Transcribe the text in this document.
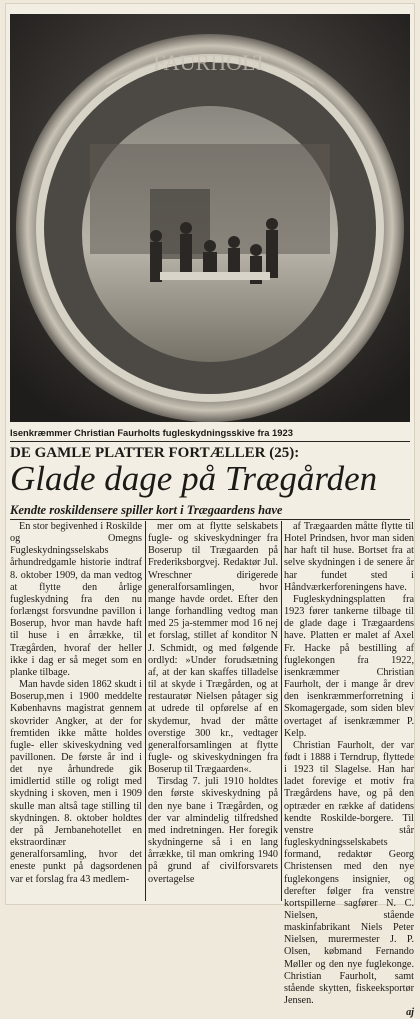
FAURHOLT
Isenkræmmer Christian Faurholts fugleskydningsskive fra 1923
DE GAMLE PLATTER FORTÆLLER (25):
Glade dage på Trægården
Kendte roskildensere spiller kort i Trægaardens have

En stor begivenhed i Roskilde og Omegns Fugleskydningsselskabs århundredgamle historie indtraf 8. oktober 1909, da man vedtog at flytte den årlige fugleskydning fra den nu forlængst forsvundne pavillon i Boserup, hvor man havde haft til huse i en årrække, til Trægården, hvoraf der heller ikke i dag er så meget som en planke tilbage.

Man havde siden 1862 skudt i Boserup,men i 1900 meddelte Københavns magistrat gennem skovrider Angker, at der for fremtiden ikke måtte holdes fugle- eller skiveskydning ved pavillonen. De første år ind i det nye århundrede gik imidlertid stille og roligt med skydning i skoven, men i 1909 skulle man altså tage stilling til skydningen. 8. oktober holdtes der på Jernbanehotellet en ekstraordinær generalforsamling, hvor det eneste punkt på dagsordenen var et forslag fra 43 medlem-

mer om at flytte selskabets fugle- og skiveskydninger fra Boserup til Trægaarden på Frederiksborgvej. Redaktør Jul. Wreschner dirigerede generalforsamlingen, hvor mange havde ordet. Efter den lange forhandling vedtog man med 25 ja-stemmer mod 16 nej et forslag, stillet af konditor N J. Schmidt, og med følgende ordlyd: »Under forudsætning af, at der kan skaffes tilladelse til at skyde i Trægården, og at restauratør Nielsen påtager sig at udrede til opførelse af en skydemur, hvad der måtte overstige 300 kr., vedtager generalforsamlingen at flytte fugle- og skiveskydningen fra Boserup til Trægaarden«.

Tirsdag 7. juli 1910 holdtes den første skiveskydning på den nye bane i Trægården, og der var almindelig tilfredshed med indretningen. Her foregik skydningerne så i en lang årrække, til man omkring 1940 på grund af civilforsvarets overtagelse

af Trægaarden måtte flytte til Hotel Prindsen, hvor man siden har haft til huse. Bortset fra at selve skydningen i de senere år har fundet sted i Håndværkerforeningens have.

Fugleskydningsplatten fra 1923 fører tankerne tilbage til de glade dage i Trægaardens have. Platten er malet af Axel Fr. Hacke på bestilling af fuglekongen fra 1922, isenkræmmer Christian Faurholt, der i mange år drev den isenkræmmerforretning i Skomagergade, som siden blev overtaget af isenkræmmer P. Kelp.

Christian Faurholt, der var født i 1888 i Terndrup, flyttede i 1923 til Slagelse. Han har ladet forevige et motiv fra Trægårdens have, og på den optræder en række af datidens kendte Roskilde-borgere. Til venstre står fugleskydningsselskabets formand, redaktør Georg Christensen med den nye fuglekongens insignier, og derefter følger fra venstre kortspillerne sagfører N. C. Nielsen, stående maskinfabrikant Niels Peter Nielsen, murermester J. P. Olsen, købmand Fernando Møller og den nye fuglekonge. Christian Faurholt, samt stående skytten, fiskeeksportør Jensen.

aj
